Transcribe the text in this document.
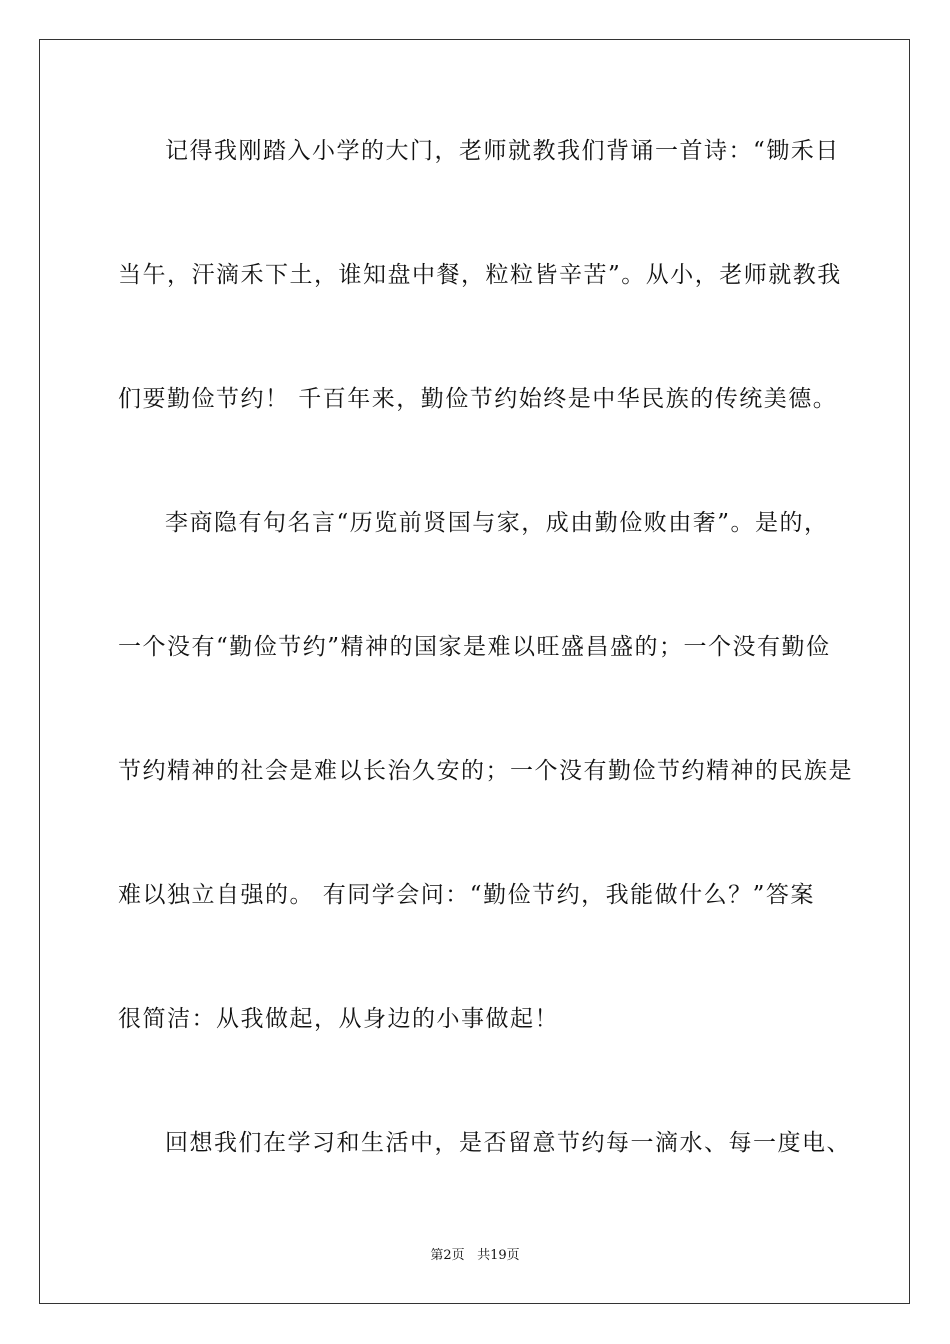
记得我刚踏入小学的大门，老师就教我们背诵一首诗：“锄禾日
当午，汗滴禾下土，谁知盘中餐，粒粒皆辛苦”。从小，老师就教我
们要勤俭节约！ 千百年来，勤俭节约始终是中华民族的传统美德。
李商隐有句名言“历览前贤国与家，成由勤俭败由奢”。是的，
一个没有“勤俭节约”精神的国家是难以旺盛昌盛的；一个没有勤俭
节约精神的社会是难以长治久安的；一个没有勤俭节约精神的民族是
难以独立自强的。 有同学会问：“勤俭节约，我能做什么？”答案
很简洁：从我做起，从身边的小事做起！
回想我们在学习和生活中，是否留意节约每一滴水、每一度电、
第2页 共19页
